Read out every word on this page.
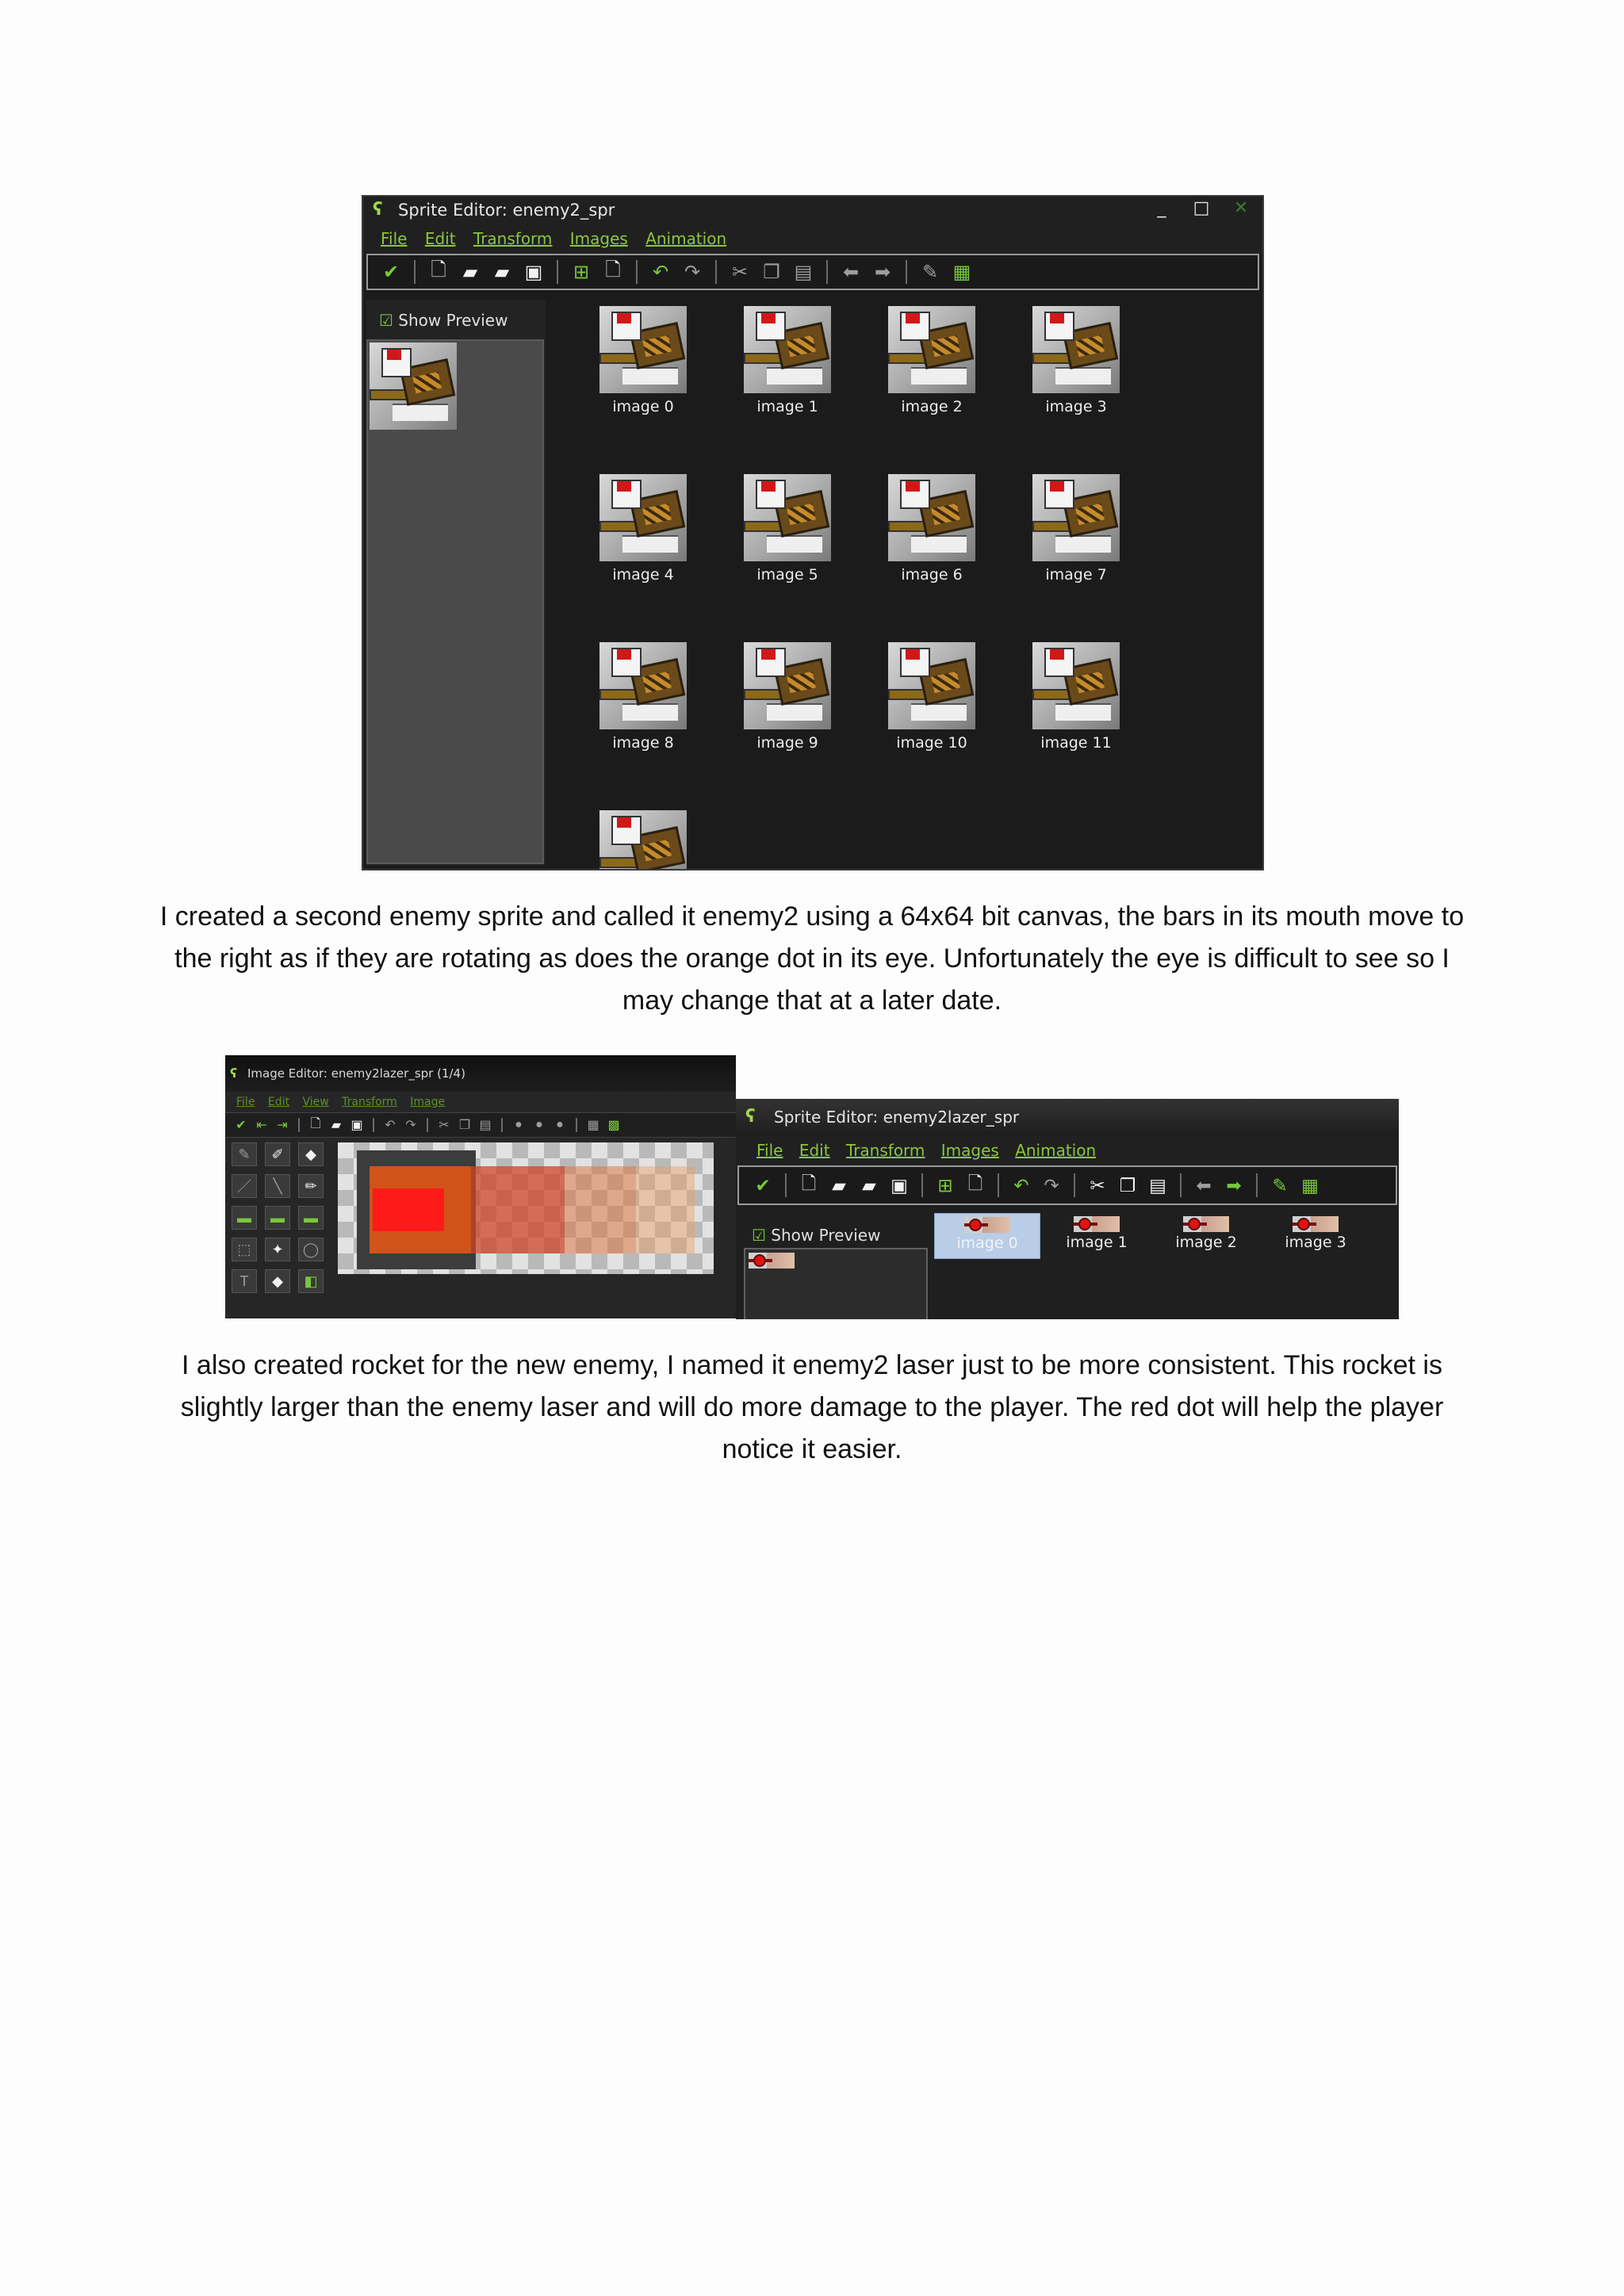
ʕ Sprite Editor: enemy2_spr	_	□	✕
File Edit Transform Images Animation
✔	🗋 ▰ ▰ ▣ ⊞ 🗋	↶ ↷ ✂ ❐ ▤ ⬅ ➡ ✎ ▦
☑ Show Preview
image 0	image 1	image 2	image 3
image 4	image 5	image 6	image 7
image 8	image 9	image 10	image 11
I created a second enemy sprite and called it enemy2 using a 64x64 bit canvas, the bars in its mouth move to the right as if they are rotating as does the orange dot in its eye. Unfortunately the eye is difficult to see so I may change that at a later date.
ʕ Image Editor: enemy2lazer_spr (1/4)
File Edit View Transform Image
✔ ⇤ ⇥ 🗋 ▰ ▣ ↶ ↷ ✂ ❐ ▤	●	●	●	▦ ▩
✎	✐	◆
／	╲	✏
▬	▬	▬
⬚	✦	◯
T	◆	◧
ʕ Sprite Editor: enemy2lazer_spr
File Edit Transform Images Animation
✔ 🗋 ▰ ▰ ▣ ⊞ 🗋 ↶ ↷ ✂ ❐ ▤ ⬅ ➡ ✎ ▦
☑ Show Preview	image 0	image 1	image 2	image 3
I also created rocket for the new enemy, I named it enemy2 laser just to be more consistent. This rocket is slightly larger than the enemy laser and will do more damage to the player. The red dot will help the player notice it easier.
